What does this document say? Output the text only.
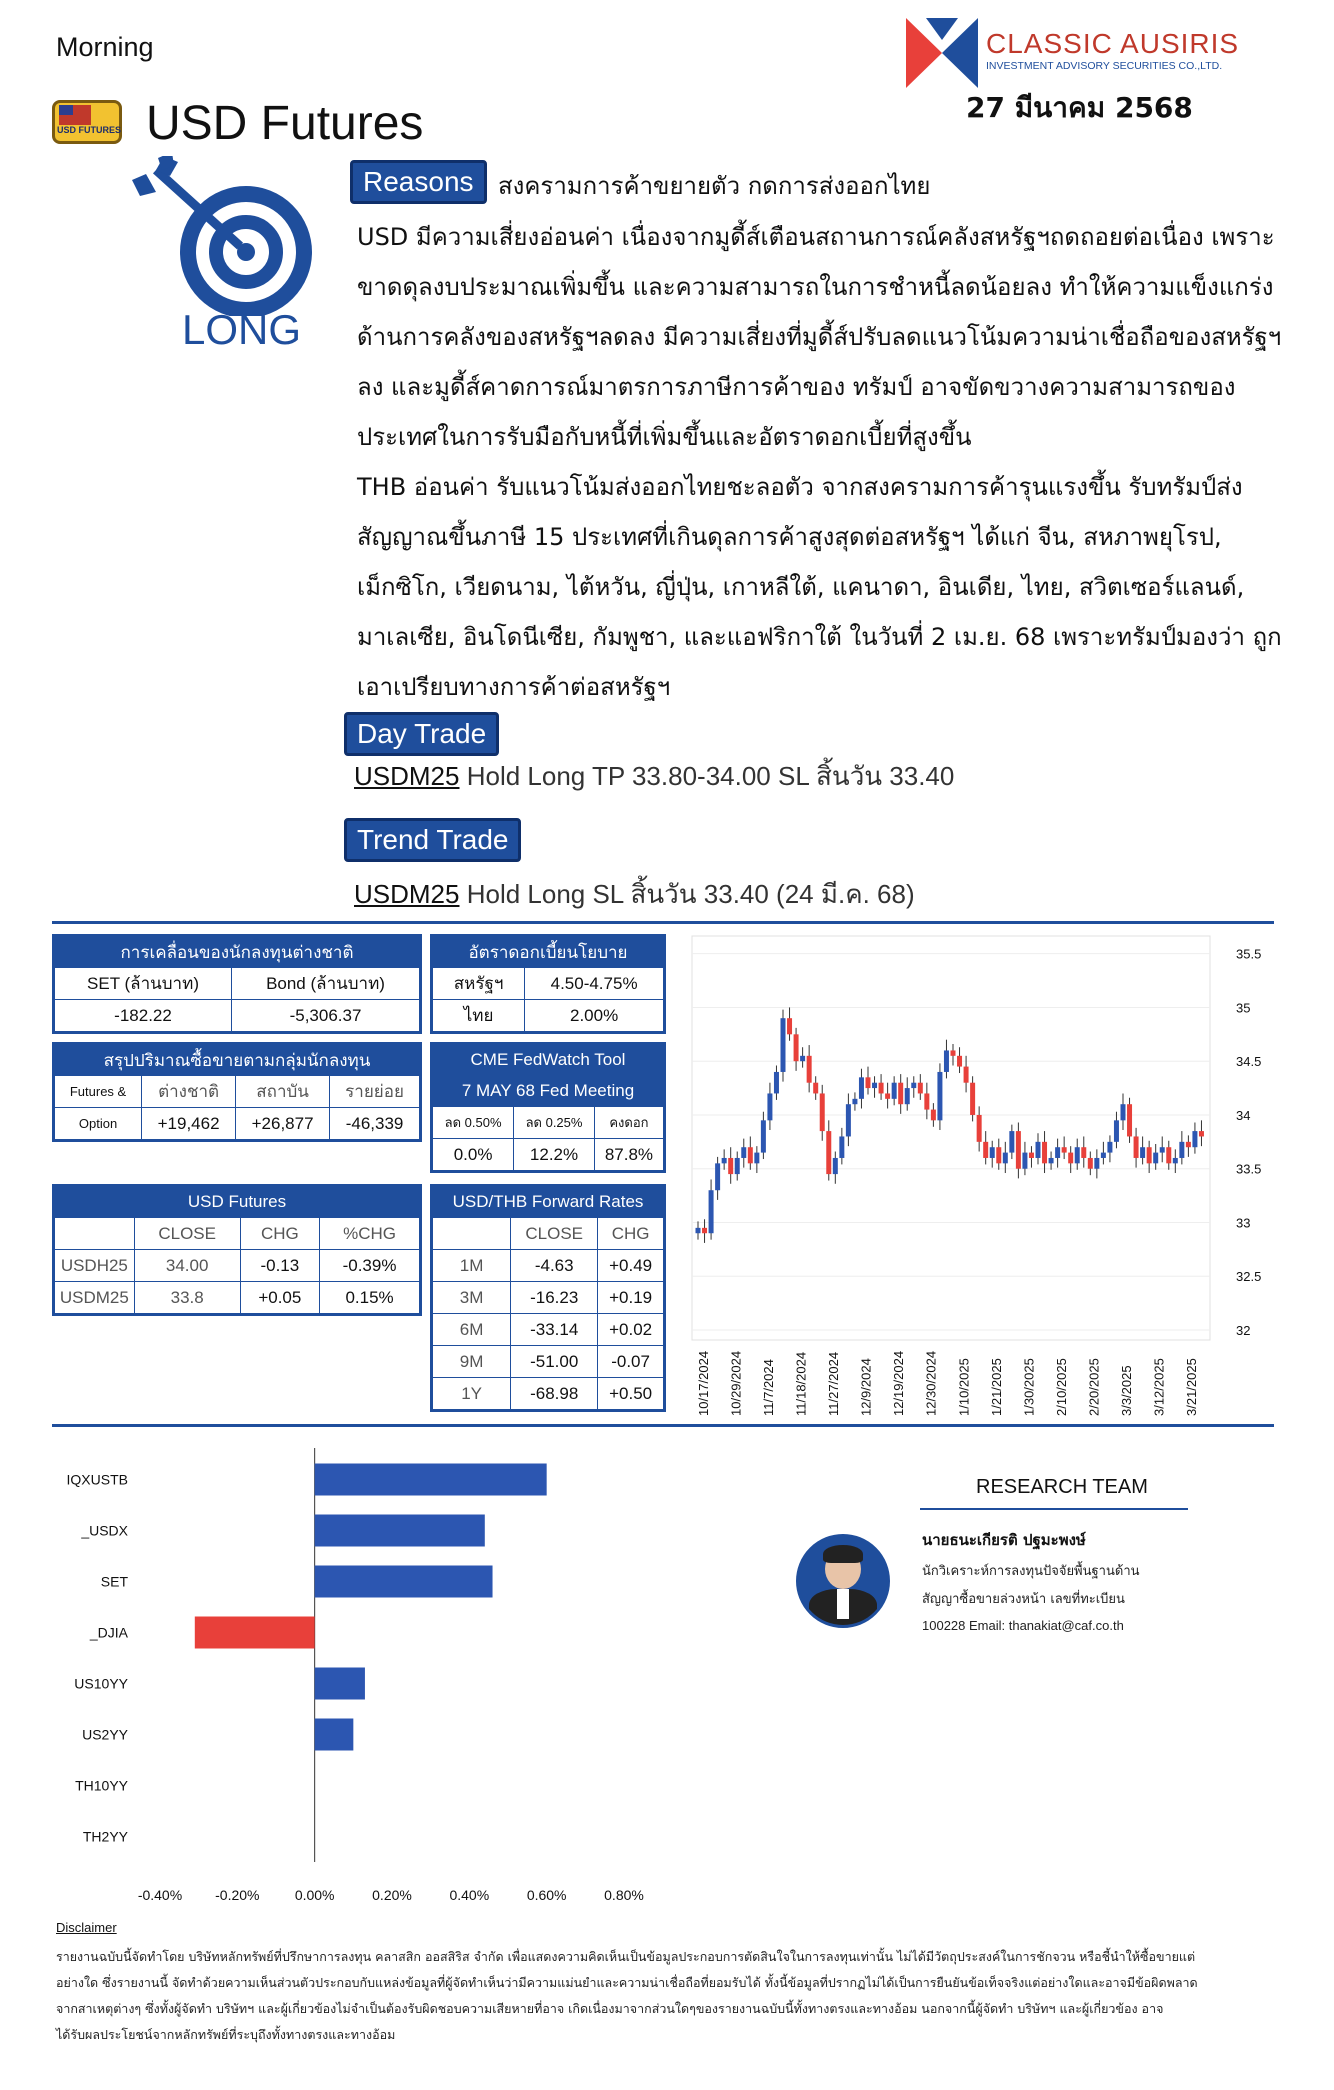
Morning
USD FUTURES USD Futures
CLASSIC AUSIRIS
INVESTMENT ADVISORY SECURITIES CO.,LTD.
27 มีนาคม 2568
LONG
Reasons	สงครามการค้าขยายตัว กดการส่งออกไทย
USD มีความเสี่ยงอ่อนค่า เนื่องจากมูดี้ส์เตือนสถานการณ์คลังสหรัฐฯถดถอยต่อเนื่อง เพราะ
ขาดดุลงบประมาณเพิ่มขึ้น และความสามารถในการชำหนี้ลดน้อยลง ทำให้ความแข็งแกร่ง
ด้านการคลังของสหรัฐฯลดลง มีความเสี่ยงที่มูดี้ส์ปรับลดแนวโน้มความน่าเชื่อถือของสหรัฐฯ
ลง และมูดี้ส์คาดการณ์มาตรการภาษีการค้าของ ทรัมป์ อาจขัดขวางความสามารถของ
ประเทศในการรับมือกับหนี้ที่เพิ่มขึ้นและอัตราดอกเบี้ยที่สูงขึ้น
THB อ่อนค่า รับแนวโน้มส่งออกไทยชะลอตัว จากสงครามการค้ารุนแรงขึ้น รับทรัมป์ส่ง
สัญญาณขึ้นภาษี 15 ประเทศที่เกินดุลการค้าสูงสุดต่อสหรัฐฯ ได้แก่ จีน, สหภาพยุโรป,
เม็กซิโก, เวียดนาม, ไต้หวัน, ญี่ปุ่น, เกาหลีใต้, แคนาดา, อินเดีย, ไทย, สวิตเซอร์แลนด์,
มาเลเซีย, อินโดนีเซีย, กัมพูชา, และแอฟริกาใต้ ในวันที่ 2 เม.ย. 68 เพราะทรัมป์มองว่า ถูก
เอาเปรียบทางการค้าต่อสหรัฐฯ
Day Trade
USDM25 Hold Long TP 33.80-34.00 SL สิ้นวัน 33.40
Trend Trade
USDM25 Hold Long SL สิ้นวัน 33.40 (24 มี.ค. 68)
การเคลื่อนของนักลงทุนต่างชาติ	
SET (ล้านบาท)	Bond (ล้านบาท)
-182.22	-5,306.37
อัตราดอกเบี้ยนโยบาย	
สหรัฐฯ	4.50-4.75%
ไทย	2.00%
สรุปปริมาณซื้อขายตามกลุ่มนักลงทุน			
Futures &	ต่างชาติ	สถาบัน	รายย่อย
Option	+19,462	+26,877	-46,339
CME FedWatch Tool		
7 MAY 68 Fed Meeting		
ลด 0.50%	ลด 0.25%	คงดอก
0.0%	12.2%	87.8%
USD Futures			
	CLOSE	CHG	%CHG
USDH25	34.00	-0.13	-0.39%
USDM25	33.8	+0.05	0.15%
USD/THB Forward Rates		
	CLOSE	CHG
1M	-4.63	+0.49
3M	-16.23	+0.19
6M	-33.14	+0.02
9M	-51.00	-0.07
1Y	-68.98	+0.50
35.5
35
34.5
34
33.5
33
32.5
32
10/17/2024 10/29/2024 11/7/2024 11/18/2024 11/27/2024 12/9/2024 12/19/2024 12/30/2024 1/10/2025 1/21/2025 1/30/2025 2/10/2025 2/20/2025 3/3/2025 3/12/2025 3/21/2025
IQXUSTB
_USDX
SET
_DJIA
US10YY
US2YY
TH10YY
TH2YY
-0.40% -0.20%	0.00%	0.20%	0.40%	0.60%	0.80%
RESEARCH TEAM
นายธนะเกียรติ ปฐมะพงษ์
นักวิเคราะห์การลงทุนปัจจัยพื้นฐานด้าน
สัญญาซื้อขายล่วงหน้า เลขที่ทะเบียน
100228 Email: thanakiat@caf.co.th
Disclaimer
รายงานฉบับนี้จัดทำโดย บริษัทหลักทรัพย์ที่ปรึกษาการลงทุน คลาสสิก ออสสิริส จำกัด เพื่อแสดงความคิดเห็นเป็นข้อมูลประกอบการตัดสินใจในการลงทุนเท่านั้น ไม่ได้มีวัตถุประสงค์ในการชักจวน หรือชี้นำให้ซื้อขายแต่
อย่างใด ซึ่งรายงานนี้ จัดทำด้วยความเห็นส่วนตัวประกอบกับแหล่งข้อมูลที่ผู้จัดทำเห็นว่ามีความแม่นยำและความน่าเชื่อถือที่ยอมรับได้ ทั้งนี้ข้อมูลที่ปรากฏไม่ได้เป็นการยืนยันข้อเท็จจริงแต่อย่างใดและอาจมีข้อผิดพลาด
จากสาเหตุต่างๆ ซึ่งทั้งผู้จัดทำ บริษัทฯ และผู้เกี่ยวข้องไม่จำเป็นต้องรับผิดชอบความเสียหายที่อาจ เกิดเนื่องมาจากส่วนใดๆของรายงานฉบับนี้ทั้งทางตรงและทางอ้อม นอกจากนี้ผู้จัดทำ บริษัทฯ และผู้เกี่ยวข้อง อาจ
ได้รับผลประโยชน์จากหลักทรัพย์ที่ระบุถึงทั้งทางตรงและทางอ้อม
